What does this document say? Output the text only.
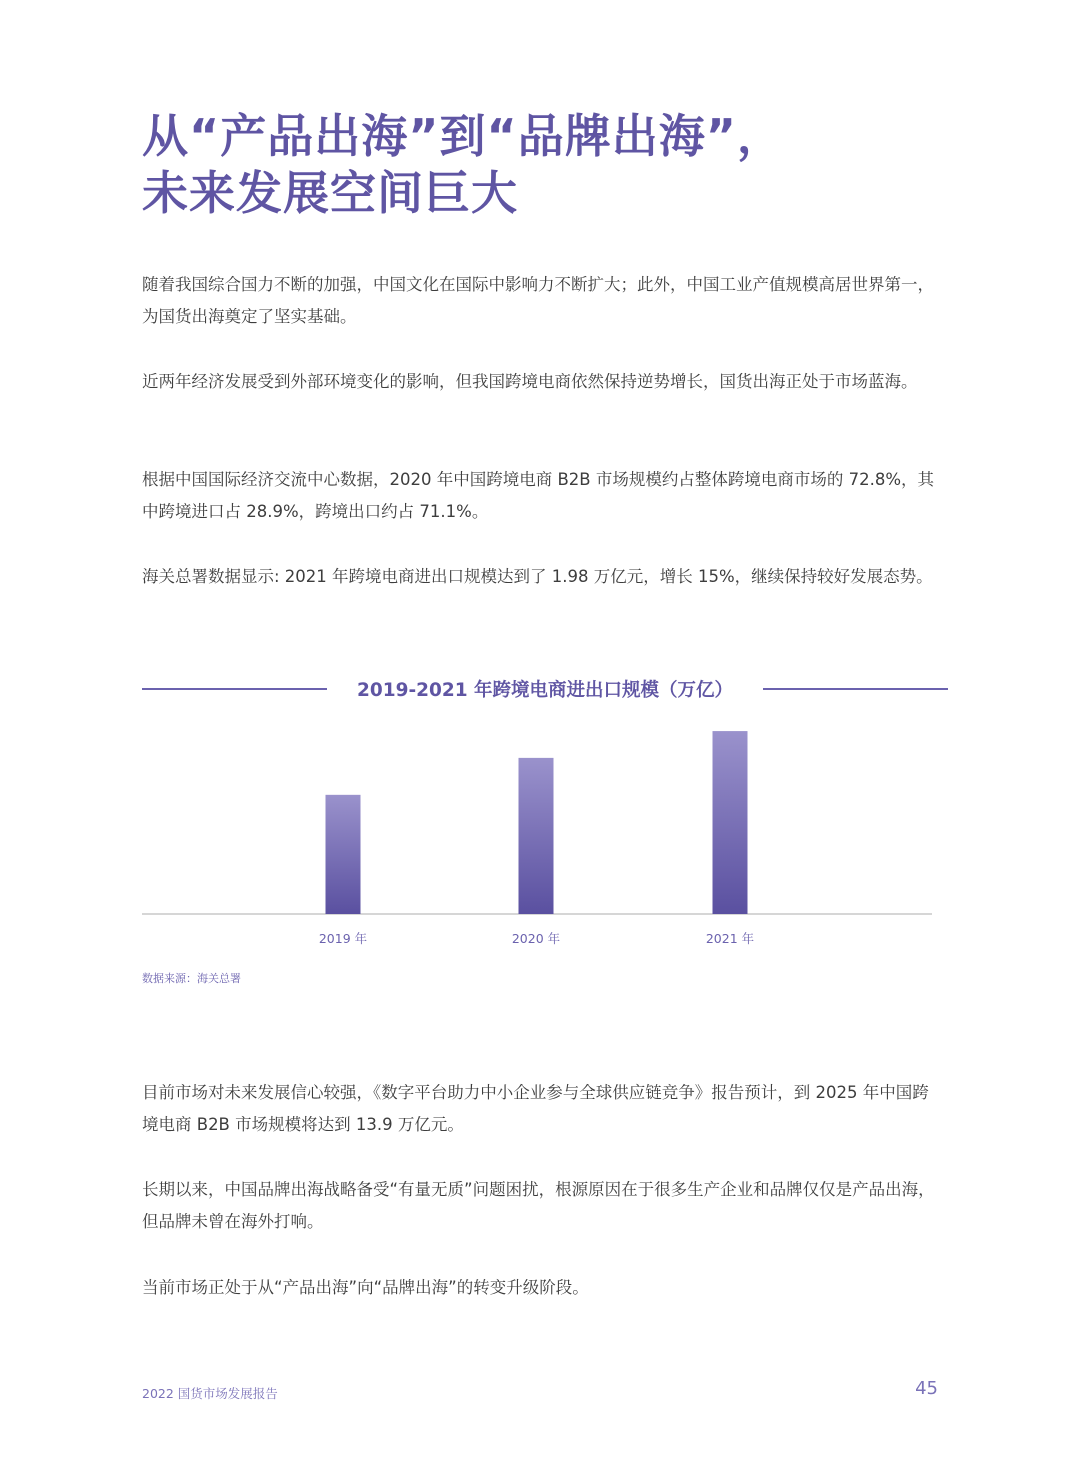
从“产品出海”到“品牌出海”，
未来发展空间巨大

随着我国综合国力不断的加强，中国文化在国际中影响力不断扩大；此外，中国工业产值规模高居世界第一，为国货出海奠定了坚实基础。

近两年经济发展受到外部环境变化的影响，但我国跨境电商依然保持逆势增长，国货出海正处于市场蓝海。

根据中国国际经济交流中心数据，2020 年中国跨境电商 B2B 市场规模约占整体跨境电商市场的 72.8%，其中跨境进口占 28.9%，跨境出口约占 71.1%。

海关总署数据显示: 2021 年跨境电商进出口规模达到了 1.98 万亿元，增长 15%，继续保持较好发展态势。

2019-2021 年跨境电商进出口规模（万亿）
2019 年	2020 年	2021 年
数据来源：海关总署

目前市场对未来发展信心较强，《数字平台助力中小企业参与全球供应链竞争》报告预计，到 2025 年中国跨境电商 B2B 市场规模将达到 13.9 万亿元。

长期以来，中国品牌出海战略备受“有量无质”问题困扰，根源原因在于很多生产企业和品牌仅仅是产品出海，但品牌未曾在海外打响。

当前市场正处于从“产品出海”向“品牌出海”的转变升级阶段。

2022 国货市场发展报告	45
